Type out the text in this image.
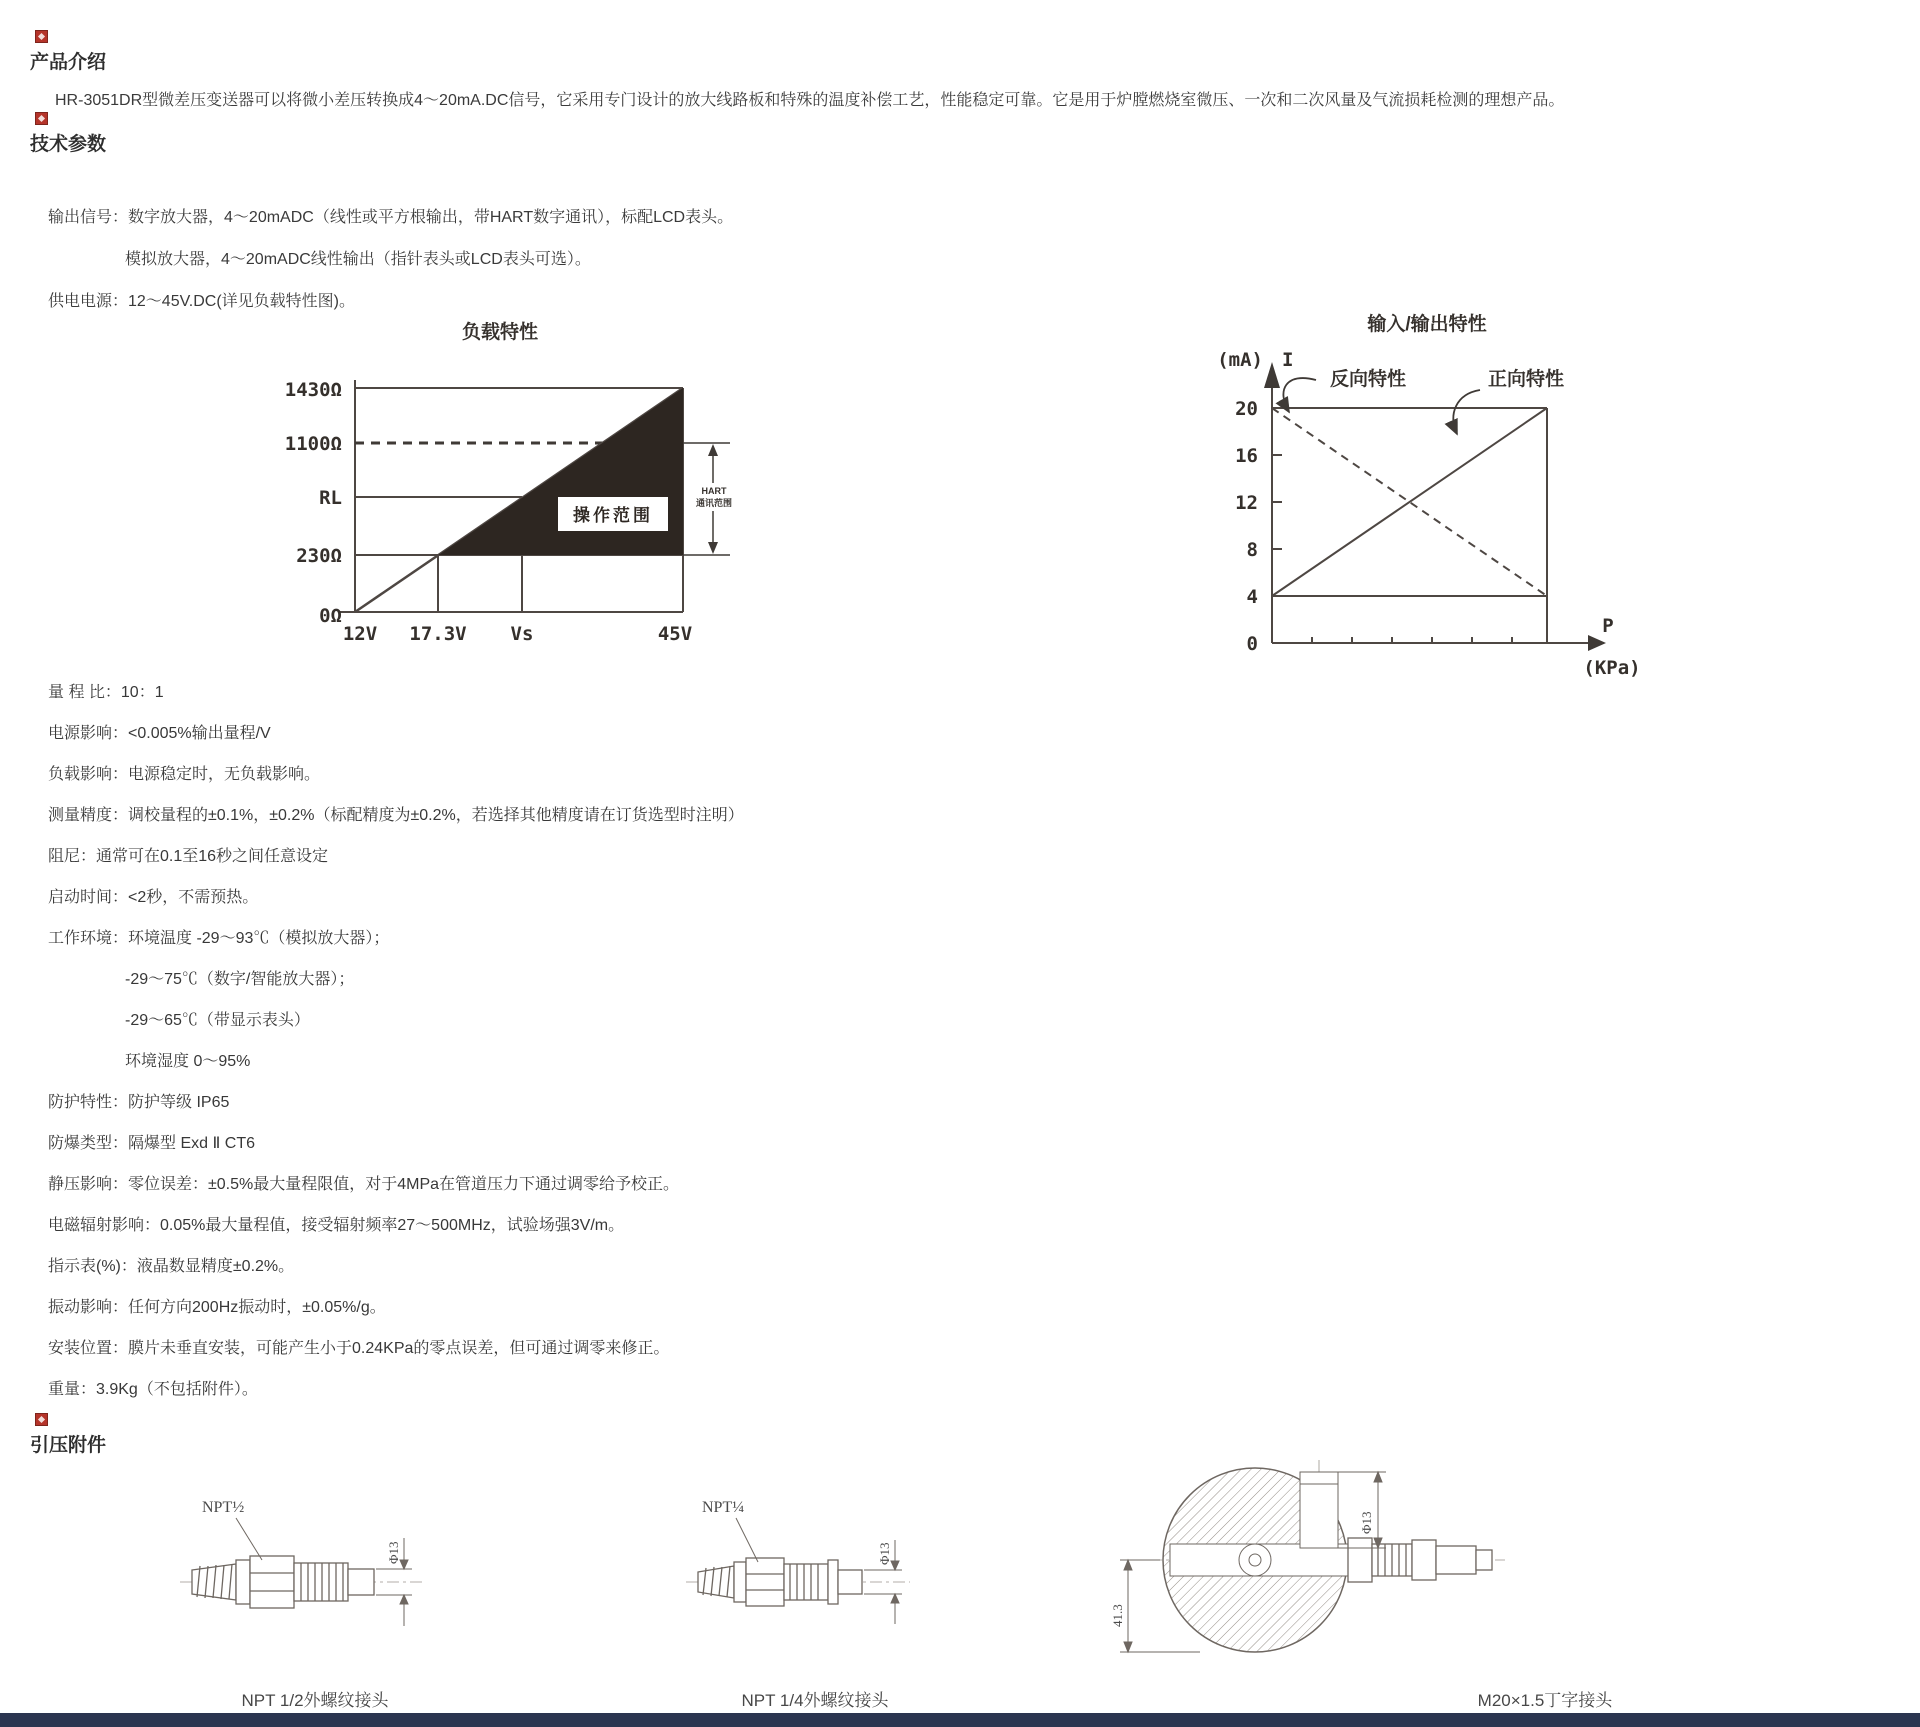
产品介绍

HR-3051DR型微差压变送器可以将微小差压转换成4～20mA.DC信号，它采用专门设计的放大线路板和特殊的温度补偿工艺，性能稳定可靠。它是用于炉膛燃烧室微压、一次和二次风量及气流损耗检测的理想产品。

技术参数

输出信号：数字放大器，4～20mADC（线性或平方根输出，带HART数字通讯），标配LCD表头。

模拟放大器，4～20mADC线性输出（指针表头或LCD表头可选）。

供电电源：12～45V.DC(详见负载特性图)。

负载特性
操作范围
HART
通讯范围
1430Ω
1100Ω
RL
230Ω
0Ω
12V 17.3V Vs	45V
输入/输出特性
(mA) I
20
16
12
8
4
0
P
(KPa)
反向特性	正向特性

量 程 比：10：1

电源影响：<0.005%输出量程/V

负载影响：电源稳定时，无负载影响。

测量精度：调校量程的±0.1%，±0.2%（标配精度为±0.2%，若选择其他精度请在订货选型时注明）

阻尼：通常可在0.1至16秒之间任意设定

启动时间：<2秒，不需预热。

工作环境：环境温度 -29～93℃（模拟放大器）；

-29～75℃（数字/智能放大器）；

-29～65℃（带显示表头）

环境湿度 0～95%

防护特性：防护等级 IP65

防爆类型：隔爆型 Exd Ⅱ CT6

静压影响：零位误差：±0.5%最大量程限值，对于4MPa在管道压力下通过调零给予校正。

电磁辐射影响：0.05%最大量程值，接受辐射频率27～500MHz，试验场强3V/m。

指示表(%)：液晶数显精度±0.2%。

振动影响：任何方向200Hz振动时，±0.05%/g。

安装位置：膜片未垂直安装，可能产生小于0.24KPa的零点误差，但可通过调零来修正。

重量：3.9Kg（不包括附件）。

引压附件
NPT½
Φ13
NPT¼
Φ13
41.3
Φ13
NPT 1/2外螺纹接头	NPT 1/4外螺纹接头	M20×1.5丁字接头
